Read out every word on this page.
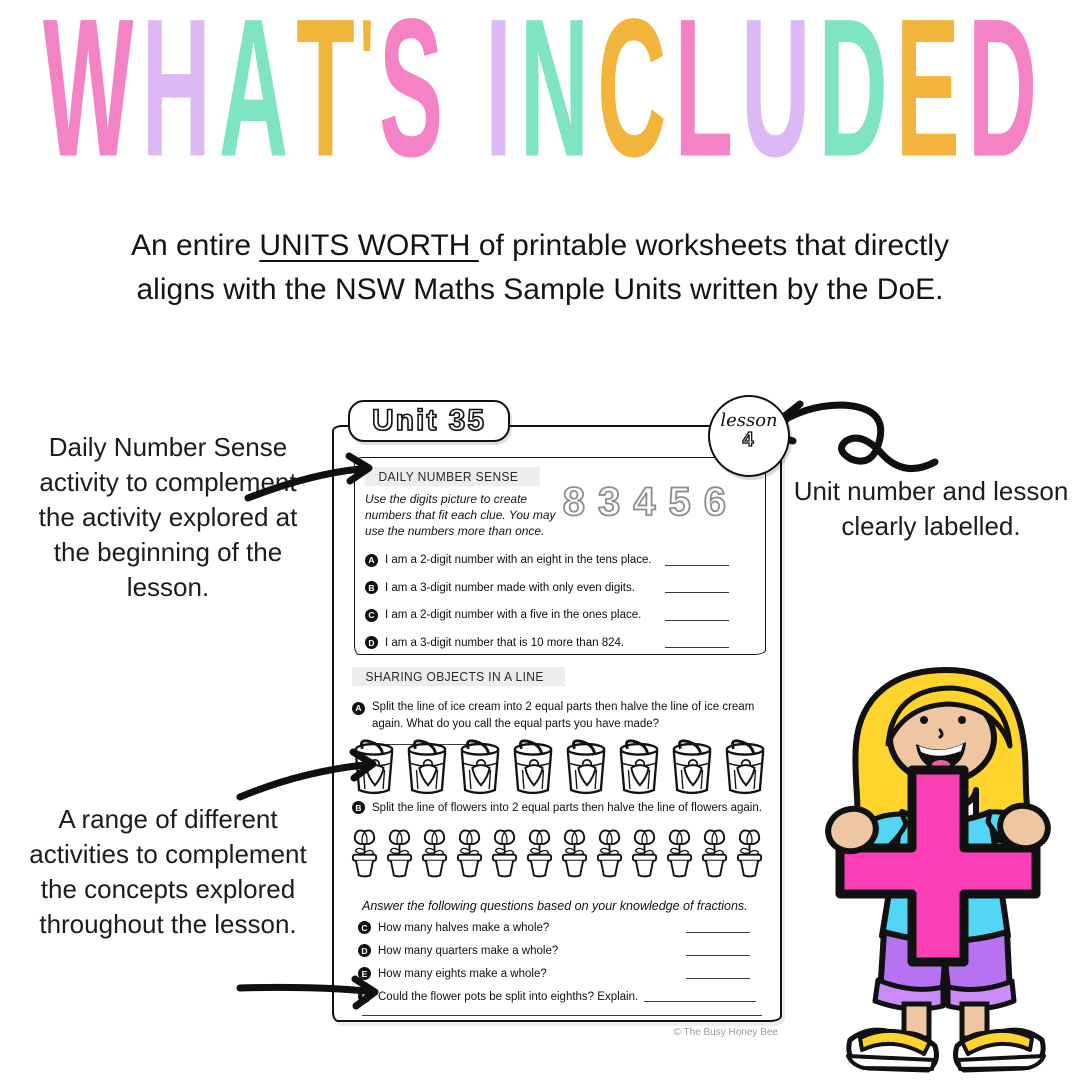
WHAT'S INCLUDED

An entire UNITS WORTH of printable worksheets that directly aligns with the NSW Maths Sample Units written by the DoE.

Daily Number Sense activity to complement the activity explored at the beginning of the lesson.
A range of different activities to complement the concepts explored throughout the lesson.
Unit number and lesson clearly labelled.
Unit 35	lesson
4
DAILY NUMBER SENSE
83456
Use the digits picture to create numbers that fit each clue. You may use the numbers more than once.
A I am a 2-digit number with an eight in the tens place.
B I am a 3-digit number made with only even digits.
C I am a 2-digit number with a five in the ones place.
D I am a 3-digit number that is 10 more than 824.
SHARING OBJECTS IN A LINE
A Split the line of ice cream into 2 equal parts then halve the line of ice cream again. What do you call the equal parts you have made?
B Split the line of flowers into 2 equal parts then halve the line of flowers again.
Answer the following questions based on your knowledge of fractions.
C How many halves make a whole?
D How many quarters make a whole?
E How many eights make a whole?
F Could the flower pots be split into eighths? Explain.
© The Busy Honey Bee
